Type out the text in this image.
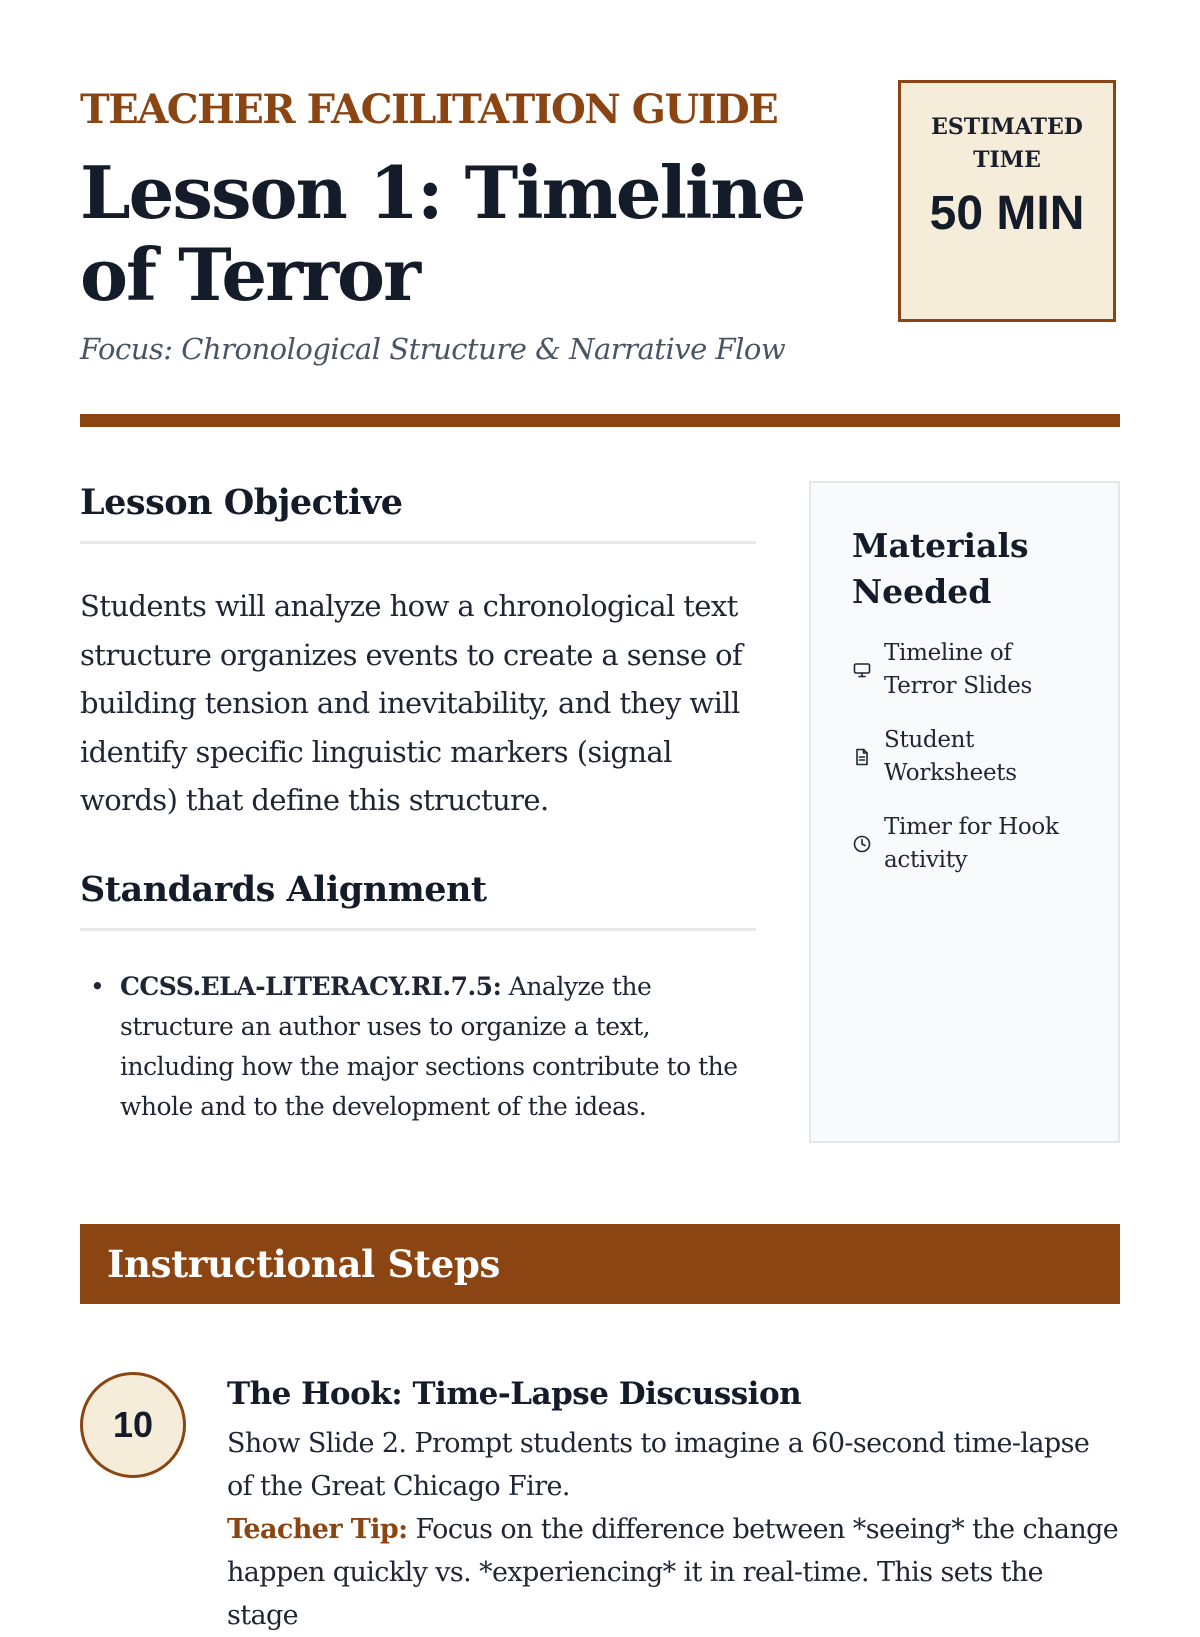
TEACHER FACILITATION GUIDE
Lesson 1: Timeline of Terror
Focus: Chronological Structure & Narrative Flow
ESTIMATED TIME
50 MIN
Lesson Objective

Students will analyze how a chronological text structure organizes events to create a sense of building tension and inevitability, and they will identify specific linguistic markers (signal words) that define this structure.

Standards Alignment
• CCSS.ELA-LITERACY.RI.7.5: Analyze the structure an author uses to organize a text, including how the major sections contribute to the whole and to the development of the ideas.
Materials Needed
Timeline of Terror Slides
Student Worksheets
Timer for Hook activity
Instructional Steps
10
The Hook: Time-Lapse Discussion

Show Slide 2. Prompt students to imagine a 60-second time-lapse of the Great Chicago Fire.
Teacher Tip: Focus on the difference between *seeing* the change happen quickly vs. *experiencing* it in real-time. This sets the stage
